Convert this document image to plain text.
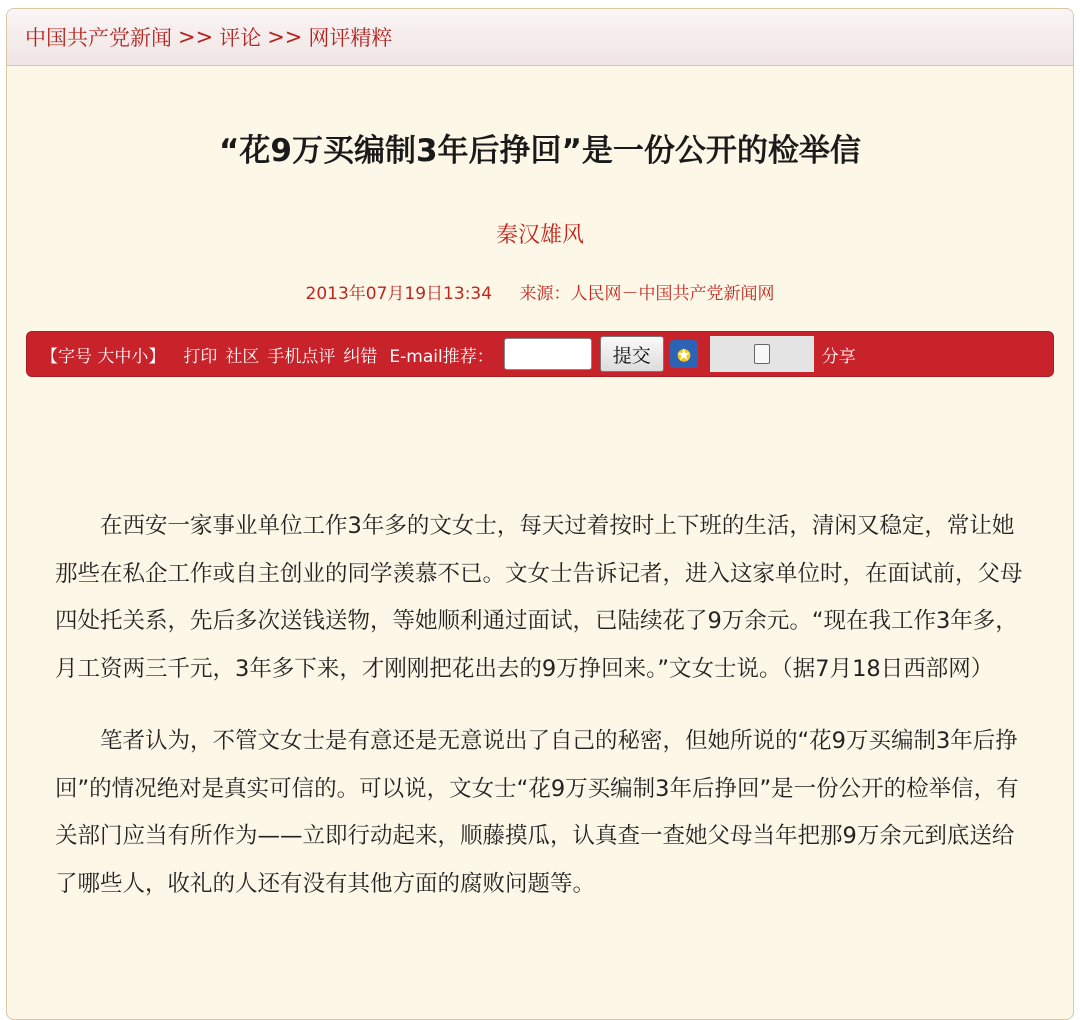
中国共产党新闻 >> 评论 >> 网评精粹
“花9万买编制3年后挣回”是一份公开的检举信
秦汉雄风
2013年07月19日13:34 来源：人民网－中国共产党新闻网
【字号 大中小】 打印 社区 手机点评 纠错 E-mail推荐：	提交	★	分享

在西安一家事业单位工作3年多的文女士，每天过着按时上下班的生活，清闲又稳定，常让她那些在私企工作或自主创业的同学羡慕不已。文女士告诉记者，进入这家单位时，在面试前，父母四处托关系，先后多次送钱送物，等她顺利通过面试，已陆续花了9万余元。“现在我工作3年多，月工资两三千元，3年多下来，才刚刚把花出去的9万挣回来。”文女士说。（据7月18日西部网）

笔者认为，不管文女士是有意还是无意说出了自己的秘密，但她所说的“花9万买编制3年后挣回”的情况绝对是真实可信的。可以说，文女士“花9万买编制3年后挣回”是一份公开的检举信，有关部门应当有所作为——立即行动起来，顺藤摸瓜，认真查一查她父母当年把那9万余元到底送给了哪些人，收礼的人还有没有其他方面的腐败问题等。
